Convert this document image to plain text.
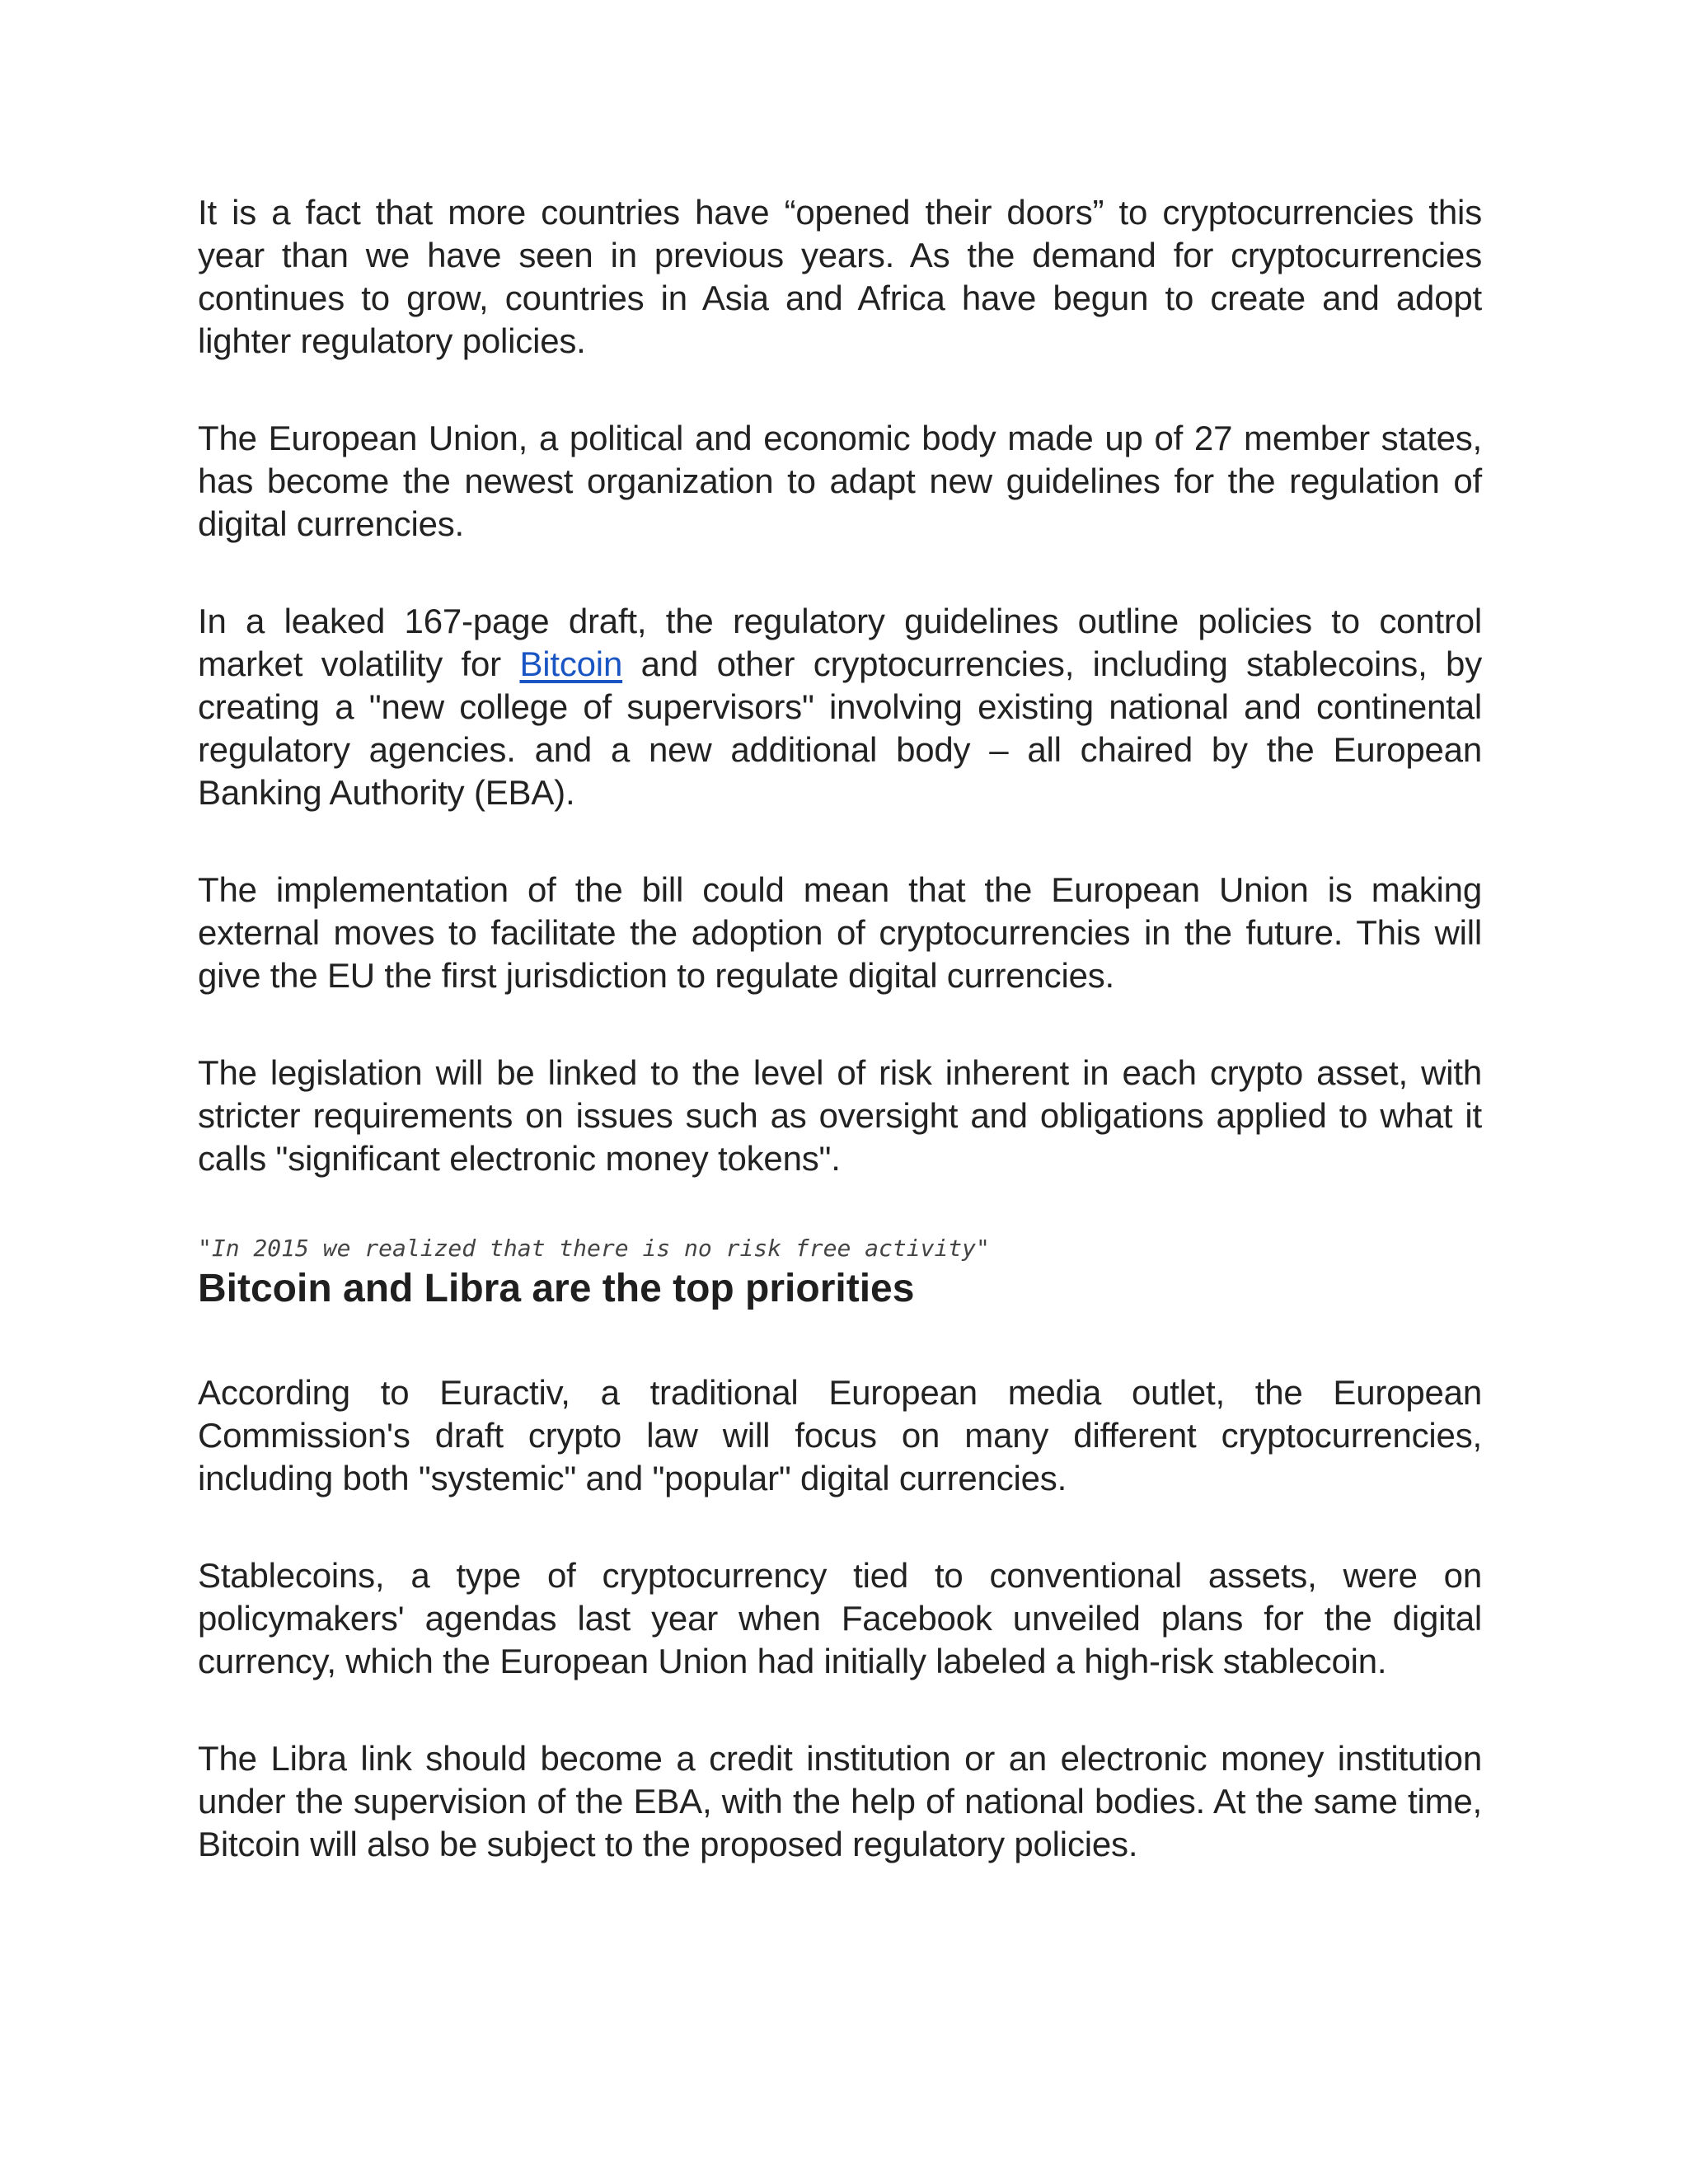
It is a fact that more countries have “opened their doors” to cryptocurrencies this year than we have seen in previous years. As the demand for cryptocurrencies continues to grow, countries in Asia and Africa have begun to create and adopt lighter regulatory policies.

The European Union, a political and economic body made up of 27 member states, has become the newest organization to adapt new guidelines for the regulation of digital currencies.

In a leaked 167-page draft, the regulatory guidelines outline policies to control market volatility for Bitcoin and other cryptocurrencies, including stablecoins, by creating a "new college of supervisors" involving existing national and continental regulatory agencies. and a new additional body – all chaired by the European Banking Authority (EBA).

The implementation of the bill could mean that the European Union is making external moves to facilitate the adoption of cryptocurrencies in the future. This will give the EU the first jurisdiction to regulate digital currencies.

The legislation will be linked to the level of risk inherent in each crypto asset, with stricter requirements on issues such as oversight and obligations applied to what it calls "significant electronic money tokens".

"In 2015 we realized that there is no risk free activity"

Bitcoin and Libra are the top priorities

According to Euractiv, a traditional European media outlet, the European Commission's draft crypto law will focus on many different cryptocurrencies, including both "systemic" and "popular" digital currencies.

Stablecoins, a type of cryptocurrency tied to conventional assets, were on policymakers' agendas last year when Facebook unveiled plans for the digital currency, which the European Union had initially labeled a high-risk stablecoin.

The Libra link should become a credit institution or an electronic money institution under the supervision of the EBA, with the help of national bodies. At the same time, Bitcoin will also be subject to the proposed regulatory policies.
